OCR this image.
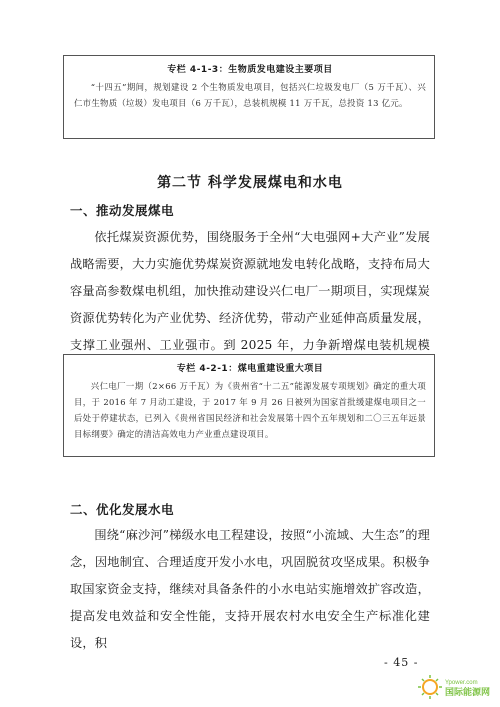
专栏 4-1-3：生物质发电建设主要项目

“十四五”期间，规划建设 2 个生物质发电项目，包括兴仁垃圾发电厂（5 万千瓦）、兴仁市生物质（垃圾）发电项目（6 万千瓦），总装机规模 11 万千瓦，总投资 13 亿元。

第二节 科学发展煤电和水电
一、推动发展煤电

依托煤炭资源优势，围绕服务于全州“大电强网+大产业”发展战略需要，大力实施优势煤炭资源就地发电转化战略，支持布局大容量高参数煤电机组，加快推动建设兴仁电厂一期项目，实现煤炭资源优势转化为产业优势、经济优势，带动产业延伸高质量发展，支撑工业强州、工业强市。到 2025 年，力争新增煤电装机规模

专栏 4-2-1：煤电重建设重大项目

兴仁电厂一期（2×66 万千瓦）为《贵州省“十二五”能源发展专项规划》确定的重大项目，于 2016 年 7 月动工建设，于 2017 年 9 月 26 日被列为国家首批缓建煤电项目之一后处于停建状态，已列入《贵州省国民经济和社会发展第十四个五年规划和二〇三五年远景目标纲要》确定的清洁高效电力产业重点建设项目。

二、优化发展水电

围绕“麻沙河”梯级水电工程建设，按照“小流域、大生态”的理念，因地制宜、合理适度开发小水电，巩固脱贫攻坚成果。积极争取国家资金支持，继续对具备条件的小水电站实施增效扩容改造，提高发电效益和安全性能，支持开展农村水电安全生产标准化建设，积

- 45 -
Ypower.com
国际能源网
